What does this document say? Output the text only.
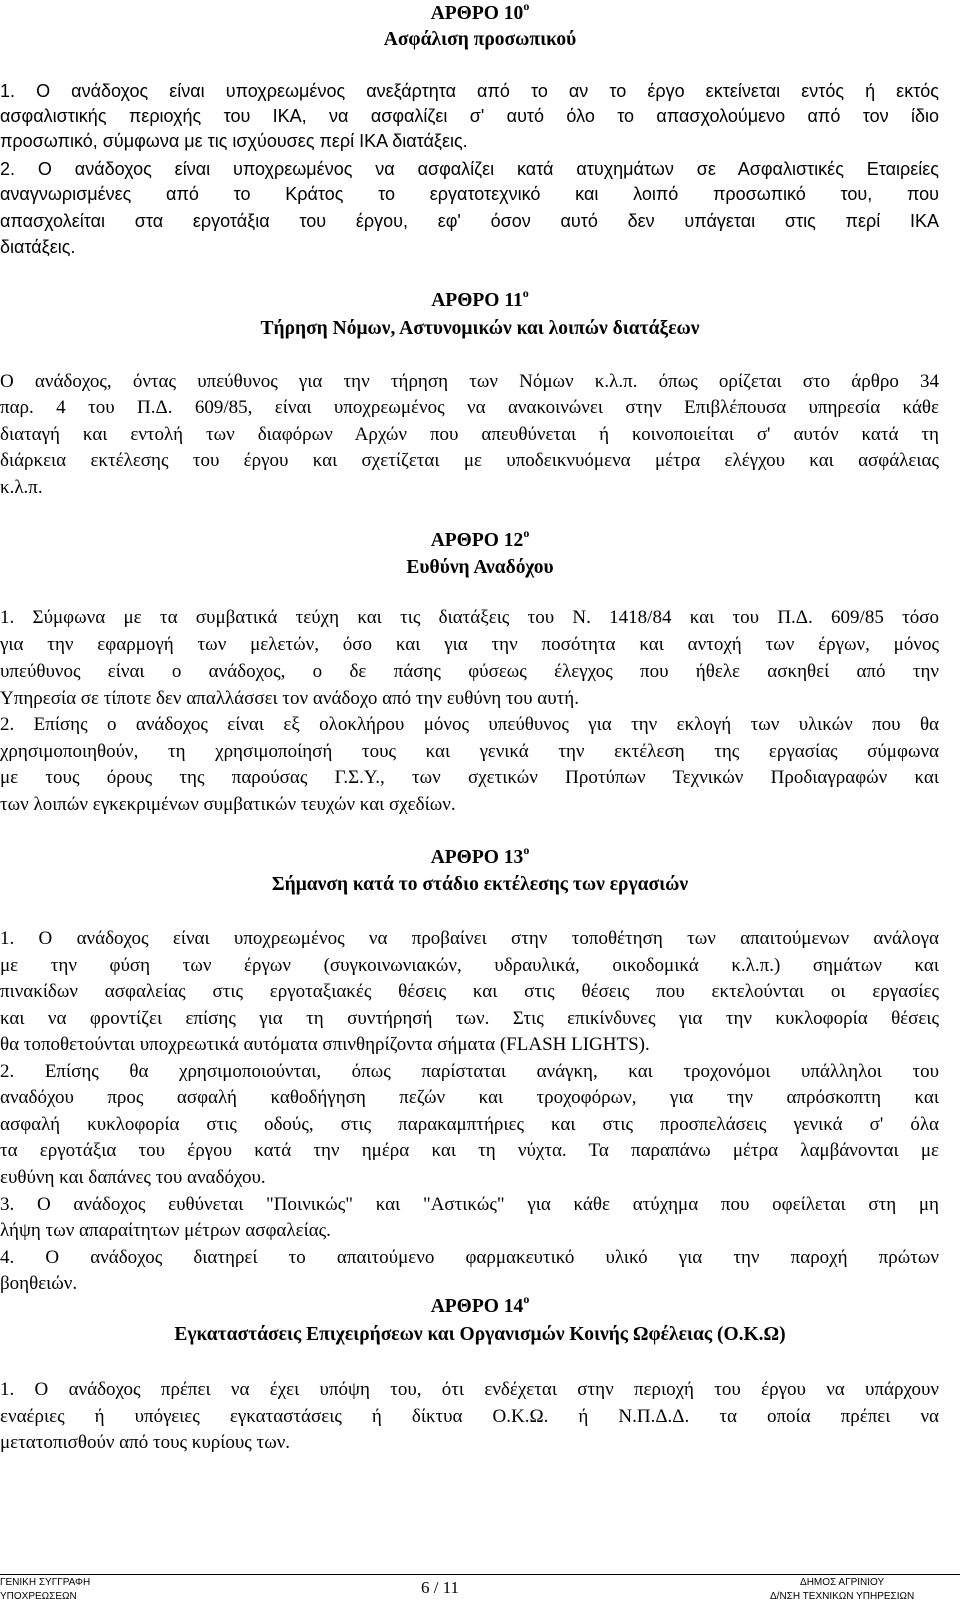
ΑΡΘΡΟ $10^o$
Ασφάλιση προσωπικού
1. Ο ανάδοχος είναι υποχρεωμένος ανεξάρτητα από το αν το έργο εκτείνεται εντός ή εκτός
ασφαλιστικής περιοχής του ΙΚΑ, να ασφαλίζει σ' αυτό όλο το απασχολούμενο από τον ίδιο
προσωπικό, σύμφωνα με τις ισχύουσες περί ΙΚΑ διατάξεις.
2. Ο ανάδοχος είναι υποχρεωμένος να ασφαλίζει κατά ατυχημάτων σε Ασφαλιστικές Εταιρείες
αναγνωρισμένες από το Κράτος το εργατοτεχνικό και λοιπό προσωπικό του, που
απασχολείται στα εργοτάξια του έργου, εφ' όσον αυτό δεν υπάγεται στις περί ΙΚΑ
διατάξεις.
ΑΡΘΡΟ $11^o$
Τήρηση Νόμων, Αστυνομικών και λοιπών διατάξεων
Ο ανάδοχος, όντας υπεύθυνος για την τήρηση των Νόμων κ.λ.π. όπως ορίζεται στο άρθρο 34
παρ. 4 του Π.Δ. 609/85, είναι υποχρεωμένος να ανακοινώνει στην Επιβλέπουσα υπηρεσία κάθε
διαταγή και εντολή των διαφόρων Αρχών που απευθύνεται ή κοινοποιείται σ' αυτόν κατά τη
διάρκεια εκτέλεσης του έργου και σχετίζεται με υποδεικνυόμενα μέτρα ελέγχου και ασφάλειας
κ.λ.π.
ΑΡΘΡΟ $12^o$
Ευθύνη Αναδόχου
1. Σύμφωνα με τα συμβατικά τεύχη και τις διατάξεις του Ν. 1418/84 και του Π.Δ. 609/85 τόσο
για την εφαρμογή των μελετών, όσο και για την ποσότητα και αντοχή των έργων, μόνος
υπεύθυνος είναι ο ανάδοχος, ο δε πάσης φύσεως έλεγχος που ήθελε ασκηθεί από την
Υπηρεσία σε τίποτε δεν απαλλάσσει τον ανάδοχο από την ευθύνη του αυτή.
2. Επίσης ο ανάδοχος είναι εξ ολοκλήρου μόνος υπεύθυνος για την εκλογή των υλικών που θα
χρησιμοποιηθούν, τη χρησιμοποίησή τους και γενικά την εκτέλεση της εργασίας σύμφωνα
με τους όρους της παρούσας Γ.Σ.Υ., των σχετικών Προτύπων Τεχνικών Προδιαγραφών και
των λοιπών εγκεκριμένων συμβατικών τευχών και σχεδίων.
ΑΡΘΡΟ $13^o$
Σήμανση κατά το στάδιο εκτέλεσης των εργασιών
1. Ο ανάδοχος είναι υποχρεωμένος να προβαίνει στην τοποθέτηση των απαιτούμενων ανάλογα
με την φύση των έργων (συγκοινωνιακών, υδραυλικά, οικοδομικά κ.λ.π.) σημάτων και
πινακίδων ασφαλείας στις εργοταξιακές θέσεις και στις θέσεις που εκτελούνται οι εργασίες
και να φροντίζει επίσης για τη συντήρησή των. Στις επικίνδυνες για την κυκλοφορία θέσεις
θα τοποθετούνται υποχρεωτικά αυτόματα σπινθηρίζοντα σήματα (FLASH LIGHTS).
2. Επίσης θα χρησιμοποιούνται, όπως παρίσταται ανάγκη, και τροχονόμοι υπάλληλοι του
αναδόχου προς ασφαλή καθοδήγηση πεζών και τροχοφόρων, για την απρόσκοπτη και
ασφαλή κυκλοφορία στις οδούς, στις παρακαμπτήριες και στις προσπελάσεις γενικά σ' όλα
τα εργοτάξια του έργου κατά την ημέρα και τη νύχτα. Τα παραπάνω μέτρα λαμβάνονται με
ευθύνη και δαπάνες του αναδόχου.
3. Ο ανάδοχος ευθύνεται "Ποινικώς" και "Αστικώς" για κάθε ατύχημα που οφείλεται στη μη
λήψη των απαραίτητων μέτρων ασφαλείας.
4. Ο ανάδοχος διατηρεί το απαιτούμενο φαρμακευτικό υλικό για την παροχή πρώτων
βοηθειών.
ΑΡΘΡΟ $14^o$
Εγκαταστάσεις Επιχειρήσεων και Οργανισμών Κοινής Ωφέλειας (Ο.Κ.Ω)
1. Ο ανάδοχος πρέπει να έχει υπόψη του, ότι ενδέχεται στην περιοχή του έργου να υπάρχουν
εναέριες ή υπόγειες εγκαταστάσεις ή δίκτυα Ο.Κ.Ω. ή Ν.Π.Δ.Δ. τα οποία πρέπει να
μετατοπισθούν από τους κυρίους των.
ΓΕΝΙΚΗ ΣΥΓΓΡΑΦΗ
ΥΠΟΧΡΕΩΣΕΩΝ	6 / 11	ΔΗΜΟΣ ΑΓΡΙΝΙΟΥ
Δ/ΝΣΗ ΤΕΧΝΙΚΩΝ ΥΠΗΡΕΣΙΩΝ
